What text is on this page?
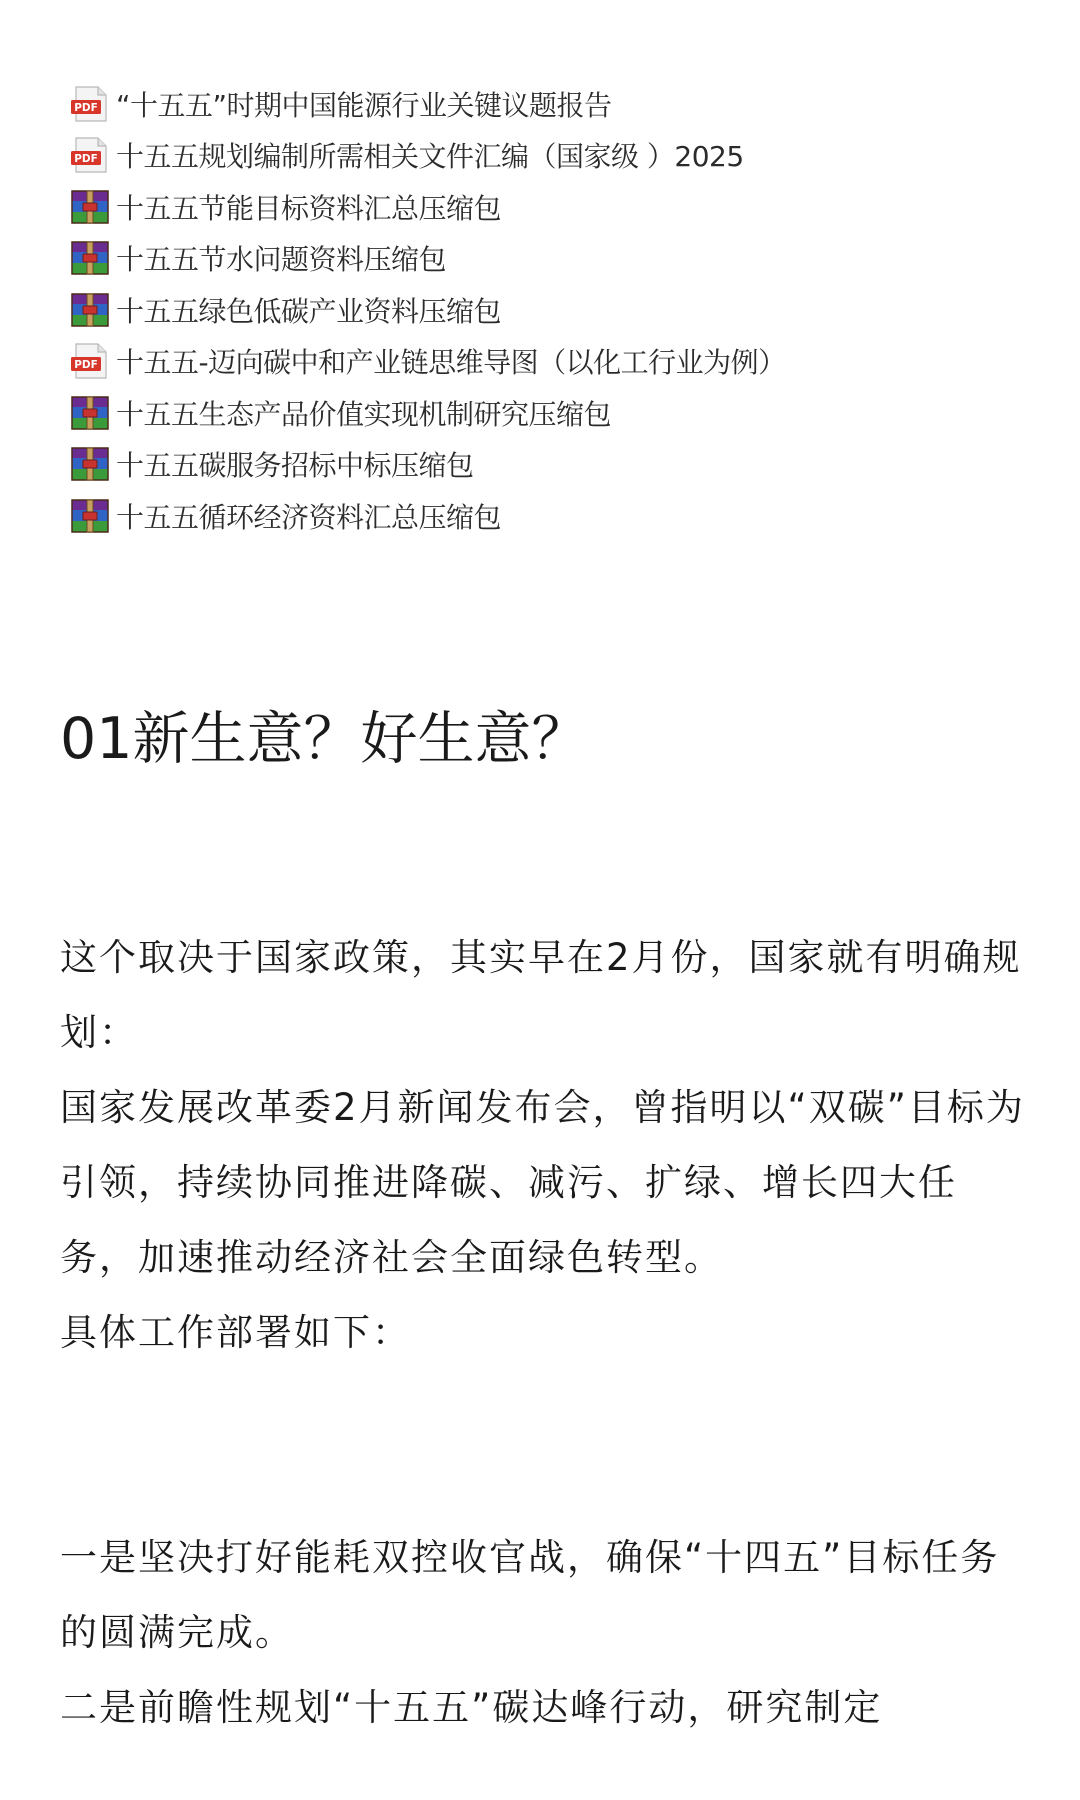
PDF “十五五”时期中国能源行业关键议题报告
PDF 十五五规划编制所需相关文件汇编（国家级 ）2025
十五五节能目标资料汇总压缩包
十五五节水问题资料压缩包
十五五绿色低碳产业资料压缩包
PDF 十五五-迈向碳中和产业链思维导图（以化工行业为例）
十五五生态产品价值实现机制研究压缩包
十五五碳服务招标中标压缩包
十五五循环经济资料汇总压缩包
01新生意？好生意？

这个取决于国家政策，其实早在2月份，国家就有明确规划：

国家发展改革委2月新闻发布会，曾指明以“双碳”目标为引领，持续协同推进降碳、减污、扩绿、增长四大任务，加速推动经济社会全面绿色转型。

具体工作部署如下：

一是坚决打好能耗双控收官战，确保“十四五”目标任务的圆满完成。

二是前瞻性规划“十五五”碳达峰行动，研究制定
